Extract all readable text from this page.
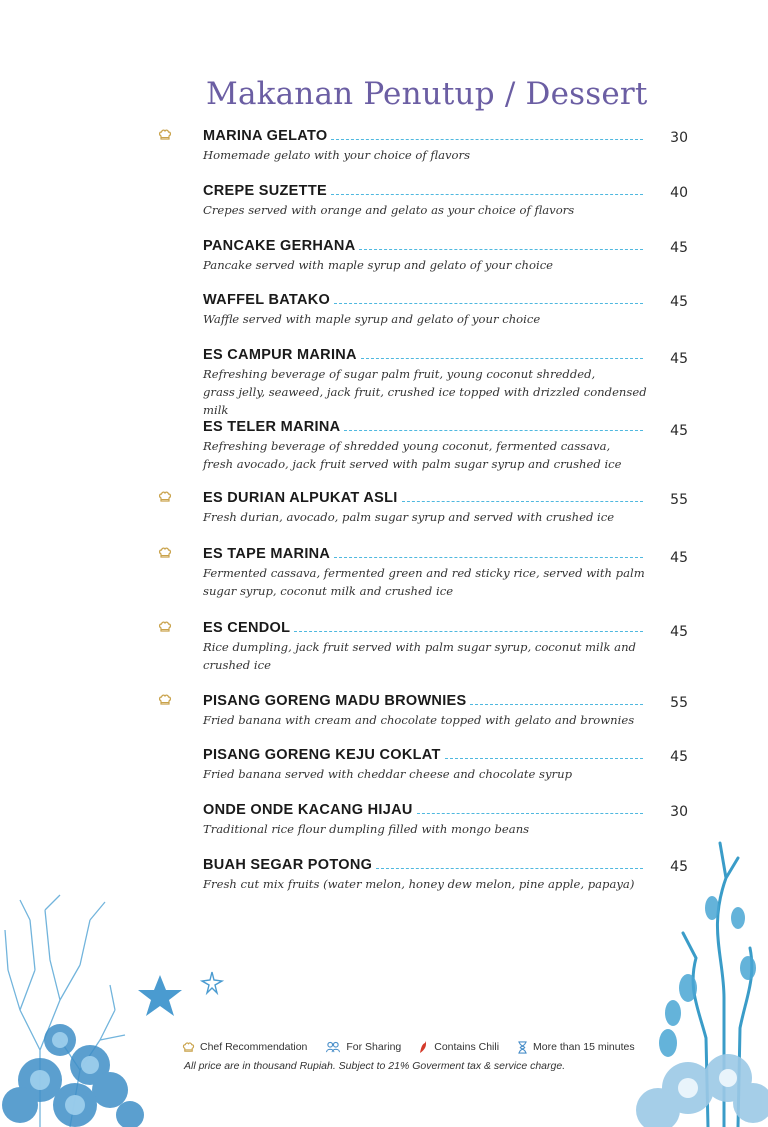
Makanan Penutup / Dessert
MARINA GELATO	30
Homemade gelato with your choice of flavors
CREPE SUZETTE	40
Crepes served with orange and gelato as your choice of flavors
PANCAKE GERHANA	45
Pancake served with maple syrup and gelato of your choice
WAFFEL BATAKO	45
Waffle served with maple syrup and gelato of your choice
ES CAMPUR MARINA	45
Refreshing beverage of sugar palm fruit, young coconut shredded,
grass jelly, seaweed, jack fruit, crushed ice topped with drizzled condensed milk
ES TELER MARINA	45
Refreshing beverage of shredded young coconut, fermented cassava,
fresh avocado, jack fruit served with palm sugar syrup and crushed ice
ES DURIAN ALPUKAT ASLI	55
Fresh durian, avocado, palm sugar syrup and served with crushed ice
ES TAPE MARINA	45
Fermented cassava, fermented green and red sticky rice, served with palm
sugar syrup, coconut milk and crushed ice
ES CENDOL	45
Rice dumpling, jack fruit served with palm sugar syrup, coconut milk and
crushed ice
PISANG GORENG MADU BROWNIES	55
Fried banana with cream and chocolate topped with gelato and brownies
PISANG GORENG KEJU COKLAT	45
Fried banana served with cheddar cheese and chocolate syrup
ONDE ONDE KACANG HIJAU	30
Traditional rice flour dumpling filled with mongo beans
BUAH SEGAR POTONG	45
Fresh cut mix fruits (water melon, honey dew melon, pine apple, papaya)
Chef Recommendation	For Sharing	Contains Chili	More than 15 minutes
All price are in thousand Rupiah. Subject to 21% Goverment tax & service charge.
